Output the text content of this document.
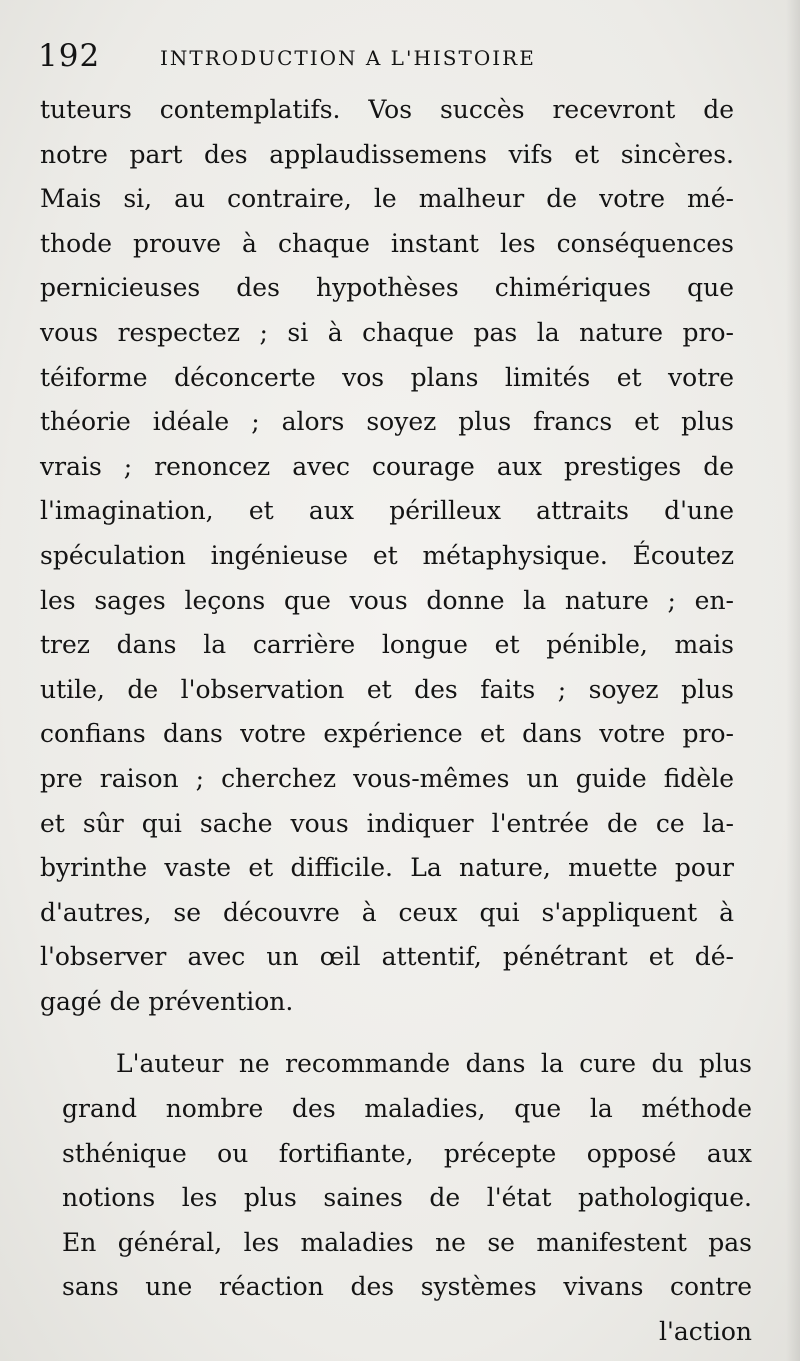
192	INTRODUCTION A L'HISTOIRE
tuteurs contemplatifs. Vos succès recevront de
notre part des applaudissemens vifs et sincères.
Mais si, au contraire, le malheur de votre mé-
thode prouve à chaque instant les conséquences
pernicieuses des hypothèses chimériques que
vous respectez ; si à chaque pas la nature pro-
téiforme déconcerte vos plans limités et votre
théorie idéale ; alors soyez plus francs et plus
vrais ; renoncez avec courage aux prestiges de
l'imagination, et aux périlleux attraits d'une
spéculation ingénieuse et métaphysique. Écoutez
les sages leçons que vous donne la nature ; en-
trez dans la carrière longue et pénible, mais
utile, de l'observation et des faits ; soyez plus
confians dans votre expérience et dans votre pro-
pre raison ; cherchez vous-mêmes un guide fidèle
et sûr qui sache vous indiquer l'entrée de ce la-
byrinthe vaste et difficile. La nature, muette pour
d'autres, se découvre à ceux qui s'appliquent à
l'observer avec un œil attentif, pénétrant et dé-
gagé de prévention.
L'auteur ne recommande dans la cure du plus
grand nombre des maladies, que la méthode
sthénique ou fortifiante, précepte opposé aux
notions les plus saines de l'état pathologique.
En général, les maladies ne se manifestent pas
sans une réaction des systèmes vivans contre
l'action
